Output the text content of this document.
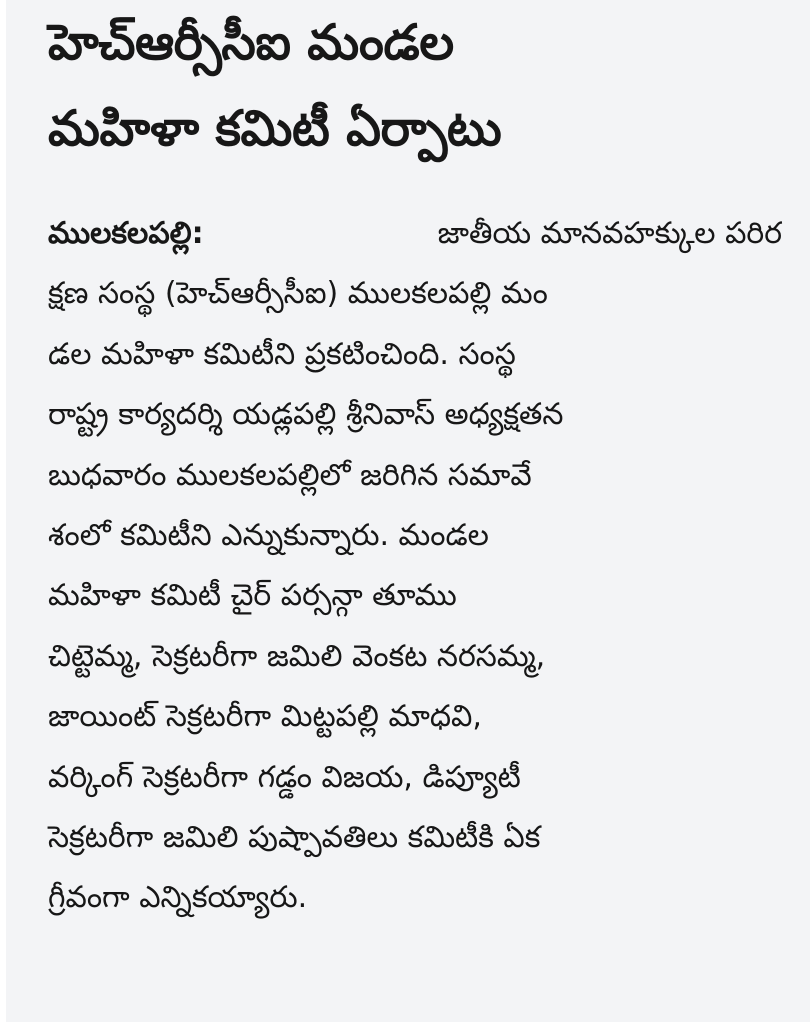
హెచ్ఆర్సీసీఐ మండల
మహిళా కమిటీ ఏర్పాటు
ములకలపల్లి:	జాతీయ మానవహక్కుల పరిర
క్షణ సంస్థ (హెచ్ఆర్సీసీఐ) ములకలపల్లి మం
డల మహిళా కమిటీని ప్రకటించింది. సంస్థ
రాష్ట్ర కార్యదర్శి యడ్లపల్లి శ్రీనివాస్ అధ్యక్షతన
బుధవారం ములకలపల్లిలో జరిగిన సమావే
శంలో కమిటీని ఎన్నుకున్నారు. మండల
మహిళా కమిటీ చైర్ పర్సన్గా తూము
చిట్టెమ్మ, సెక్రటరీగా జమిలి వెంకట నరసమ్మ,
జాయింట్ సెక్రటరీగా మిట్టపల్లి మాధవి,
వర్కింగ్ సెక్రటరీగా గడ్డం విజయ, డిప్యూటీ
సెక్రటరీగా జమిలి పుష్పావతిలు కమిటీకి ఏక
గ్రీవంగా ఎన్నికయ్యారు.
